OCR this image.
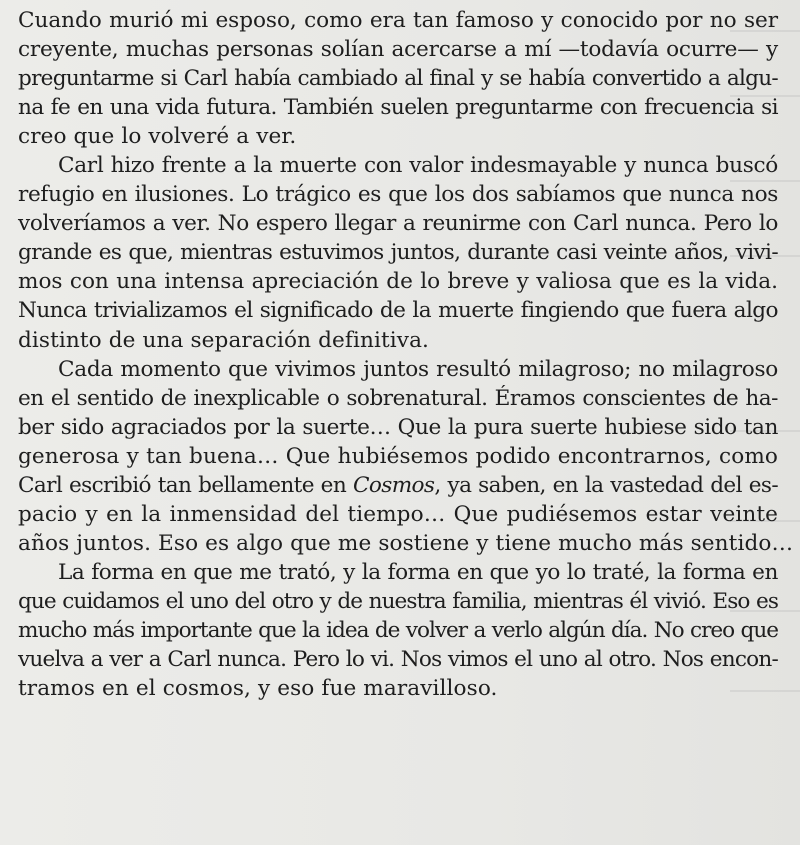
Cuando murió mi esposo, como era tan famoso y conocido por no ser
creyente, muchas personas solían acercarse a mí —todavía ocurre— y
preguntarme si Carl había cambiado al final y se había convertido a algu-
na fe en una vida futura. También suelen preguntarme con frecuencia si
creo que lo volveré a ver.

Carl hizo frente a la muerte con valor indesmayable y nunca buscó
refugio en ilusiones. Lo trágico es que los dos sabíamos que nunca nos
volveríamos a ver. No espero llegar a reunirme con Carl nunca. Pero lo
grande es que, mientras estuvimos juntos, durante casi veinte años, vivi-
mos con una intensa apreciación de lo breve y valiosa que es la vida.
Nunca trivializamos el significado de la muerte fingiendo que fuera algo
distinto de una separación definitiva.

Cada momento que vivimos juntos resultó milagroso; no milagroso
en el sentido de inexplicable o sobrenatural. Éramos conscientes de ha-
ber sido agraciados por la suerte… Que la pura suerte hubiese sido tan
generosa y tan buena… Que hubiésemos podido encontrarnos, como
Carl escribió tan bellamente en Cosmos, ya saben, en la vastedad del es-
pacio y en la inmensidad del tiempo… Que pudiésemos estar veinte
años juntos. Eso es algo que me sostiene y tiene mucho más sentido…

La forma en que me trató, y la forma en que yo lo traté, la forma en
que cuidamos el uno del otro y de nuestra familia, mientras él vivió. Eso es
mucho más importante que la idea de volver a verlo algún día. No creo que
vuelva a ver a Carl nunca. Pero lo vi. Nos vimos el uno al otro. Nos encon-
tramos en el cosmos, y eso fue maravilloso.
